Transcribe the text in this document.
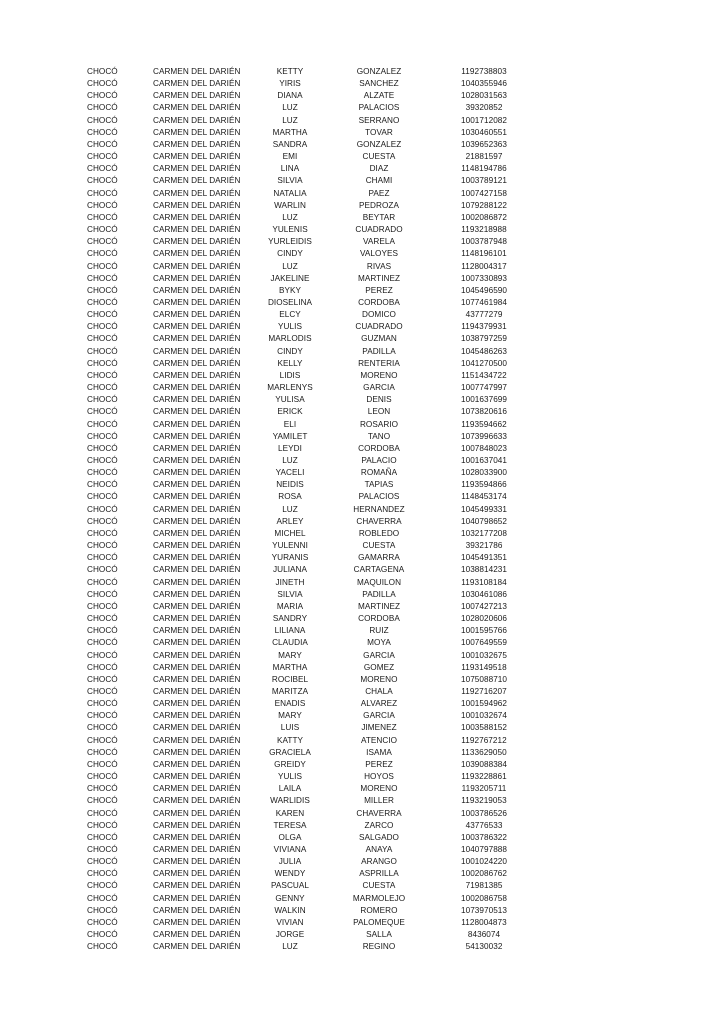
CHOCÓ	CARMEN DEL DARIÉN	KETTY	GONZALEZ	1192738803
CHOCÓ	CARMEN DEL DARIÉN	YIRIS	SANCHEZ	1040355946
CHOCÓ	CARMEN DEL DARIÉN	DIANA	ALZATE	1028031563
CHOCÓ	CARMEN DEL DARIÉN	LUZ	PALACIOS	39320852
CHOCÓ	CARMEN DEL DARIÉN	LUZ	SERRANO	1001712082
CHOCÓ	CARMEN DEL DARIÉN	MARTHA	TOVAR	1030460551
CHOCÓ	CARMEN DEL DARIÉN	SANDRA	GONZALEZ	1039652363
CHOCÓ	CARMEN DEL DARIÉN	EMI	CUESTA	21881597
CHOCÓ	CARMEN DEL DARIÉN	LINA	DIAZ	1148194786
CHOCÓ	CARMEN DEL DARIÉN	SILVIA	CHAMI	1003789121
CHOCÓ	CARMEN DEL DARIÉN	NATALIA	PAEZ	1007427158
CHOCÓ	CARMEN DEL DARIÉN	WARLIN	PEDROZA	1079288122
CHOCÓ	CARMEN DEL DARIÉN	LUZ	BEYTAR	1002086872
CHOCÓ	CARMEN DEL DARIÉN	YULENIS	CUADRADO	1193218988
CHOCÓ	CARMEN DEL DARIÉN	YURLEIDIS	VARELA	1003787948
CHOCÓ	CARMEN DEL DARIÉN	CINDY	VALOYES	1148196101
CHOCÓ	CARMEN DEL DARIÉN	LUZ	RIVAS	1128004317
CHOCÓ	CARMEN DEL DARIÉN	JAKELINE	MARTINEZ	1007330893
CHOCÓ	CARMEN DEL DARIÉN	BYKY	PEREZ	1045496590
CHOCÓ	CARMEN DEL DARIÉN	DIOSELINA	CORDOBA	1077461984
CHOCÓ	CARMEN DEL DARIÉN	ELCY	DOMICO	43777279
CHOCÓ	CARMEN DEL DARIÉN	YULIS	CUADRADO	1194379931
CHOCÓ	CARMEN DEL DARIÉN	MARLODIS	GUZMAN	1038797259
CHOCÓ	CARMEN DEL DARIÉN	CINDY	PADILLA	1045486263
CHOCÓ	CARMEN DEL DARIÉN	KELLY	RENTERIA	1041270500
CHOCÓ	CARMEN DEL DARIÉN	LIDIS	MORENO	1151434722
CHOCÓ	CARMEN DEL DARIÉN	MARLENYS	GARCIA	1007747997
CHOCÓ	CARMEN DEL DARIÉN	YULISA	DENIS	1001637699
CHOCÓ	CARMEN DEL DARIÉN	ERICK	LEON	1073820616
CHOCÓ	CARMEN DEL DARIÉN	ELI	ROSARIO	1193594662
CHOCÓ	CARMEN DEL DARIÉN	YAMILET	TANO	1073996633
CHOCÓ	CARMEN DEL DARIÉN	LEYDI	CORDOBA	1007848023
CHOCÓ	CARMEN DEL DARIÉN	LUZ	PALACIO	1001637041
CHOCÓ	CARMEN DEL DARIÉN	YACELI	ROMAÑA	1028033900
CHOCÓ	CARMEN DEL DARIÉN	NEIDIS	TAPIAS	1193594866
CHOCÓ	CARMEN DEL DARIÉN	ROSA	PALACIOS	1148453174
CHOCÓ	CARMEN DEL DARIÉN	LUZ	HERNANDEZ	1045499331
CHOCÓ	CARMEN DEL DARIÉN	ARLEY	CHAVERRA	1040798652
CHOCÓ	CARMEN DEL DARIÉN	MICHEL	ROBLEDO	1032177208
CHOCÓ	CARMEN DEL DARIÉN	YULENNI	CUESTA	39321786
CHOCÓ	CARMEN DEL DARIÉN	YURANIS	GAMARRA	1045491351
CHOCÓ	CARMEN DEL DARIÉN	JULIANA	CARTAGENA	1038814231
CHOCÓ	CARMEN DEL DARIÉN	JINETH	MAQUILON	1193108184
CHOCÓ	CARMEN DEL DARIÉN	SILVIA	PADILLA	1030461086
CHOCÓ	CARMEN DEL DARIÉN	MARIA	MARTINEZ	1007427213
CHOCÓ	CARMEN DEL DARIÉN	SANDRY	CORDOBA	1028020606
CHOCÓ	CARMEN DEL DARIÉN	LILIANA	RUIZ	1001595766
CHOCÓ	CARMEN DEL DARIÉN	CLAUDIA	MOYA	1007649559
CHOCÓ	CARMEN DEL DARIÉN	MARY	GARCIA	1001032675
CHOCÓ	CARMEN DEL DARIÉN	MARTHA	GOMEZ	1193149518
CHOCÓ	CARMEN DEL DARIÉN	ROCIBEL	MORENO	1075088710
CHOCÓ	CARMEN DEL DARIÉN	MARITZA	CHALA	1192716207
CHOCÓ	CARMEN DEL DARIÉN	ENADIS	ALVAREZ	1001594962
CHOCÓ	CARMEN DEL DARIÉN	MARY	GARCIA	1001032674
CHOCÓ	CARMEN DEL DARIÉN	LUIS	JIMENEZ	1003588152
CHOCÓ	CARMEN DEL DARIÉN	KATTY	ATENCIO	1192767212
CHOCÓ	CARMEN DEL DARIÉN	GRACIELA	ISAMA	1133629050
CHOCÓ	CARMEN DEL DARIÉN	GREIDY	PEREZ	1039088384
CHOCÓ	CARMEN DEL DARIÉN	YULIS	HOYOS	1193228861
CHOCÓ	CARMEN DEL DARIÉN	LAILA	MORENO	1193205711
CHOCÓ	CARMEN DEL DARIÉN	WARLIDIS	MILLER	1193219053
CHOCÓ	CARMEN DEL DARIÉN	KAREN	CHAVERRA	1003786526
CHOCÓ	CARMEN DEL DARIÉN	TERESA	ZARCO	43776533
CHOCÓ	CARMEN DEL DARIÉN	OLGA	SALGADO	1003786322
CHOCÓ	CARMEN DEL DARIÉN	VIVIANA	ANAYA	1040797888
CHOCÓ	CARMEN DEL DARIÉN	JULIA	ARANGO	1001024220
CHOCÓ	CARMEN DEL DARIÉN	WENDY	ASPRILLA	1002086762
CHOCÓ	CARMEN DEL DARIÉN	PASCUAL	CUESTA	71981385
CHOCÓ	CARMEN DEL DARIÉN	GENNY	MARMOLEJO	1002086758
CHOCÓ	CARMEN DEL DARIÉN	WALKIN	ROMERO	1073970513
CHOCÓ	CARMEN DEL DARIÉN	VIVIAN	PALOMEQUE	1128004873
CHOCÓ	CARMEN DEL DARIÉN	JORGE	SALLA	8436074
CHOCÓ	CARMEN DEL DARIÉN	LUZ	REGINO	54130032
